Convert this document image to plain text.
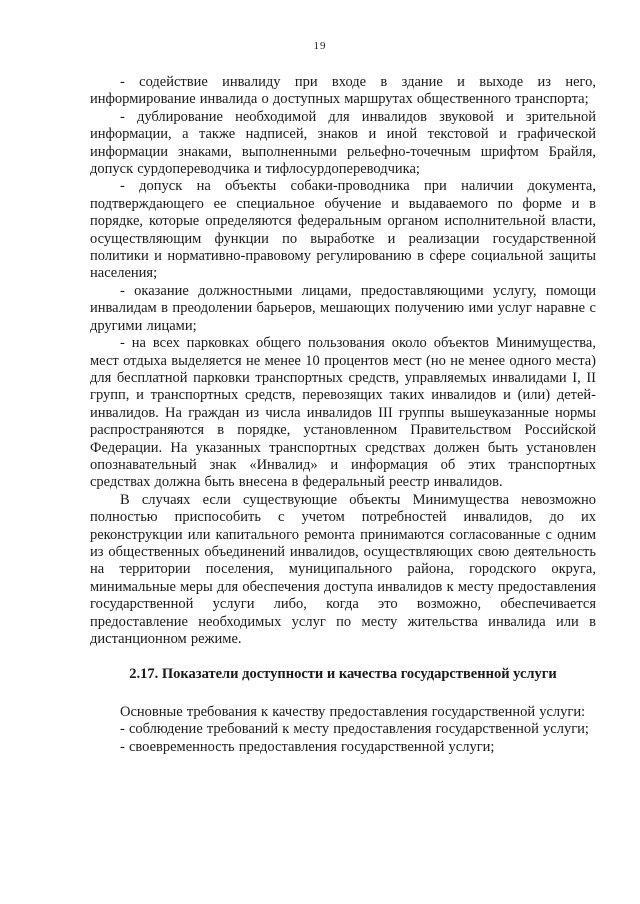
19

- содействие инвалиду при входе в здание и выходе из него, информирование инвалида о доступных маршрутах общественного транспорта;

- дублирование необходимой для инвалидов звуковой и зрительной информации, а также надписей, знаков и иной текстовой и графической информации знаками, выполненными рельефно-точечным шрифтом Брайля, допуск сурдопереводчика и тифлосурдопереводчика;

- допуск на объекты собаки-проводника при наличии документа, подтверждающего ее специальное обучение и выдаваемого по форме и в порядке, которые определяются федеральным органом исполнительной власти, осуществляющим функции по выработке и реализации государственной политики и нормативно-правовому регулированию в сфере социальной защиты населения;

- оказание должностными лицами, предоставляющими услугу, помощи инвалидам в преодолении барьеров, мешающих получению ими услуг наравне с другими лицами;

- на всех парковках общего пользования около объектов Минимущества, мест отдыха выделяется не менее 10 процентов мест (но не менее одного места) для бесплатной парковки транспортных средств, управляемых инвалидами I, II групп, и транспортных средств, перевозящих таких инвалидов и (или) детей-инвалидов. На граждан из числа инвалидов III группы вышеуказанные нормы распространяются в порядке, установленном Правительством Российской Федерации. На указанных транспортных средствах должен быть установлен опознавательный знак «Инвалид» и информация об этих транспортных средствах должна быть внесена в федеральный реестр инвалидов.

В случаях если существующие объекты Минимущества невозможно полностью приспособить с учетом потребностей инвалидов, до их реконструкции или капитального ремонта принимаются согласованные с одним из общественных объединений инвалидов, осуществляющих свою деятельность на территории поселения, муниципального района, городского округа, минимальные меры для обеспечения доступа инвалидов к месту предоставления государственной услуги либо, когда это возможно, обеспечивается предоставление необходимых услуг по месту жительства инвалида или в дистанционном режиме.

2.17. Показатели доступности и качества государственной услуги

Основные требования к качеству предоставления государственной услуги:

- соблюдение требований к месту предоставления государственной услуги;

- своевременность предоставления государственной услуги;
